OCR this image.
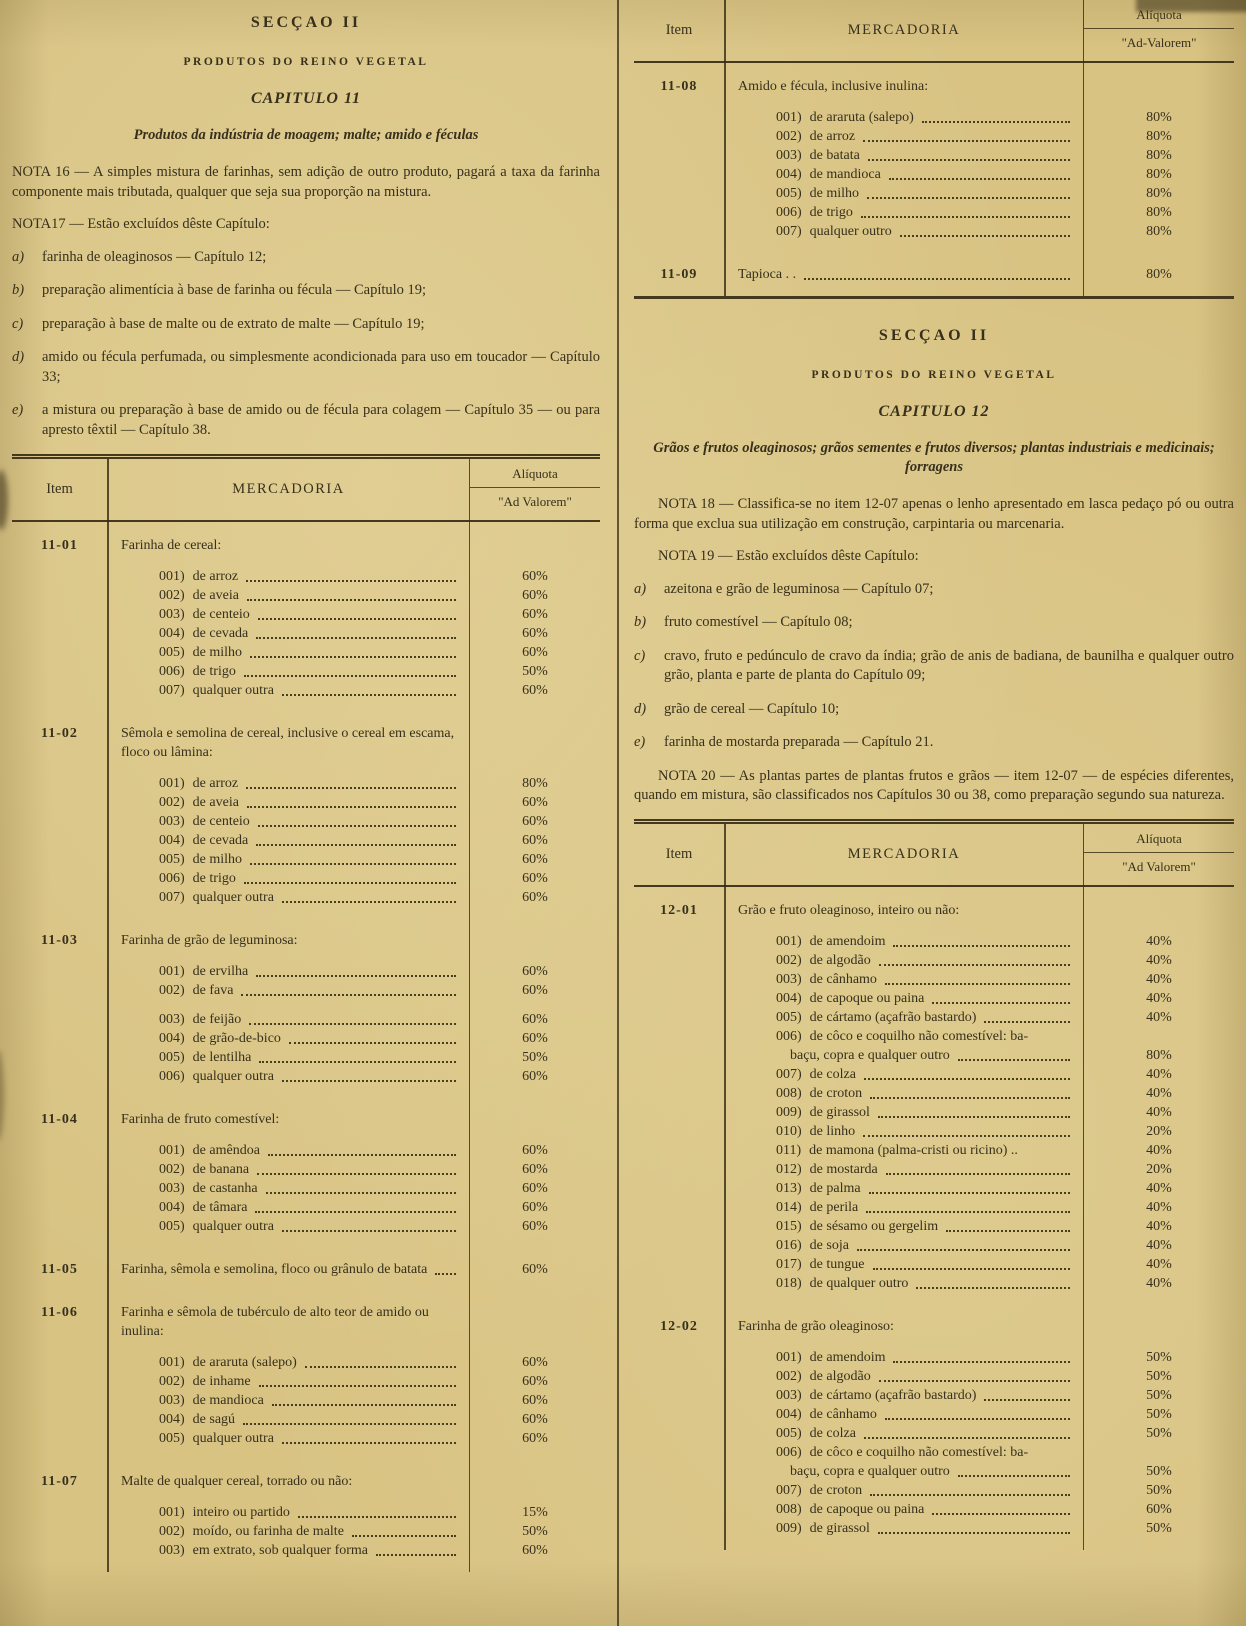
SECÇAO II
PRODUTOS DO REINO VEGETAL
CAPITULO 11
Produtos da indústria de moagem; malte; amido e féculas

NOTA 16 — A simples mistura de farinhas, sem adição de outro produto, pagará a taxa da farinha componente mais tributada, qualquer que seja sua proporção na mistura.

NOTA17 — Estão excluídos dêste Capítulo:

a)	farinha de oleaginosos — Capítulo 12;
b)	preparação alimentícia à base de farinha ou fécula — Capítulo 19;
c)	preparação à base de malte ou de extrato de malte — Capítulo 19;
d)	amido ou fécula perfumada, ou simplesmente acondicionada para uso em toucador — Capítulo 33;
e)	a mistura ou preparação à base de amido ou de fécula para colagem — Capítulo 35 — ou para apresto têxtil — Capítulo 38.
Item	MERCADORIA
Alíquota
"Ad Valorem"
11-01	Farinha de cereal:
001) de arroz	60%
002) de aveia	60%
003) de centeio	60%
004) de cevada	60%
005) de milho	60%
006) de trigo	50%
007) qualquer outra	60%
11-02	Sêmola e semolina de cereal, inclusive o cereal em escama, floco ou lâmina:
001) de arroz	80%
002) de aveia	60%
003) de centeio	60%
004) de cevada	60%
005) de milho	60%
006) de trigo	60%
007) qualquer outra	60%
11-03	Farinha de grão de leguminosa:
001) de ervilha	60%
002) de fava	60%
003) de feijão	60%
004) de grão-de-bico	60%
005) de lentilha	50%
006) qualquer outra	60%
11-04	Farinha de fruto comestível:
001) de amêndoa	60%
002) de banana	60%
003) de castanha	60%
004) de tâmara	60%
005) qualquer outra	60%
11-05	Farinha, sêmola e semolina, floco ou grânulo de batata	60%
11-06	Farinha e sêmola de tubérculo de alto teor de amido ou inulina:
001) de araruta (salepo)	60%
002) de inhame	60%
003) de mandioca	60%
004) de sagú	60%
005) qualquer outra	60%
11-07	Malte de qualquer cereal, torrado ou não:
001) inteiro ou partido	15%
002) moído, ou farinha de malte	50%
003) em extrato, sob qualquer forma	60%
Item	MERCADORIA
Alíquota
"Ad-Valorem"
11-08	Amido e fécula, inclusive inulina:
001) de araruta (salepo)	80%
002) de arroz	80%
003) de batata	80%
004) de mandioca	80%
005) de milho	80%
006) de trigo	80%
007) qualquer outro	80%
11-09	Tapioca . .	80%
SECÇAO II
PRODUTOS DO REINO VEGETAL
CAPITULO 12
Grãos e frutos oleaginosos; grãos sementes e frutos diversos; plantas industriais e medicinais; forragens

NOTA 18 — Classifica-se no item 12-07 apenas o lenho apresentado em lasca pedaço pó ou outra forma que exclua sua utilização em construção, carpintaria ou marcenaria.

NOTA 19 — Estão excluídos dêste Capítulo:

a)	azeitona e grão de leguminosa — Capítulo 07;
b)	fruto comestível — Capítulo 08;
c)	cravo, fruto e pedúnculo de cravo da índia; grão de anis de badiana, de baunilha e qualquer outro grão, planta e parte de planta do Capítulo 09;
d)	grão de cereal — Capítulo 10;
e)	farinha de mostarda preparada — Capítulo 21.

NOTA 20 — As plantas partes de plantas frutos e grãos — item 12-07 — de espécies diferentes, quando em mistura, são classificados nos Capítulos 30 ou 38, como preparação segundo sua natureza.

Item	MERCADORIA
Alíquota
"Ad Valorem"
12-01	Grão e fruto oleaginoso, inteiro ou não:
001) de amendoim	40%
002) de algodão	40%
003) de cânhamo	40%
004) de capoque ou paina	40%
005) de cártamo (açafrão bastardo)	40%
006) de côco e coquilho não comestível: ba-
baçu, copra e qualquer outro	80%
007) de colza	40%
008) de croton	40%
009) de girassol	40%
010) de linho	20%
011) de mamona (palma-cristi ou ricino) ..	40%
012) de mostarda	20%
013) de palma	40%
014) de perila	40%
015) de sésamo ou gergelim	40%
016) de soja	40%
017) de tungue	40%
018) de qualquer outro	40%
12-02	Farinha de grão oleaginoso:
001) de amendoim	50%
002) de algodão	50%
003) de cártamo (açafrão bastardo)	50%
004) de cânhamo	50%
005) de colza	50%
006) de côco e coquilho não comestível: ba-
baçu, copra e qualquer outro	50%
007) de croton	50%
008) de capoque ou paina	60%
009) de girassol	50%
